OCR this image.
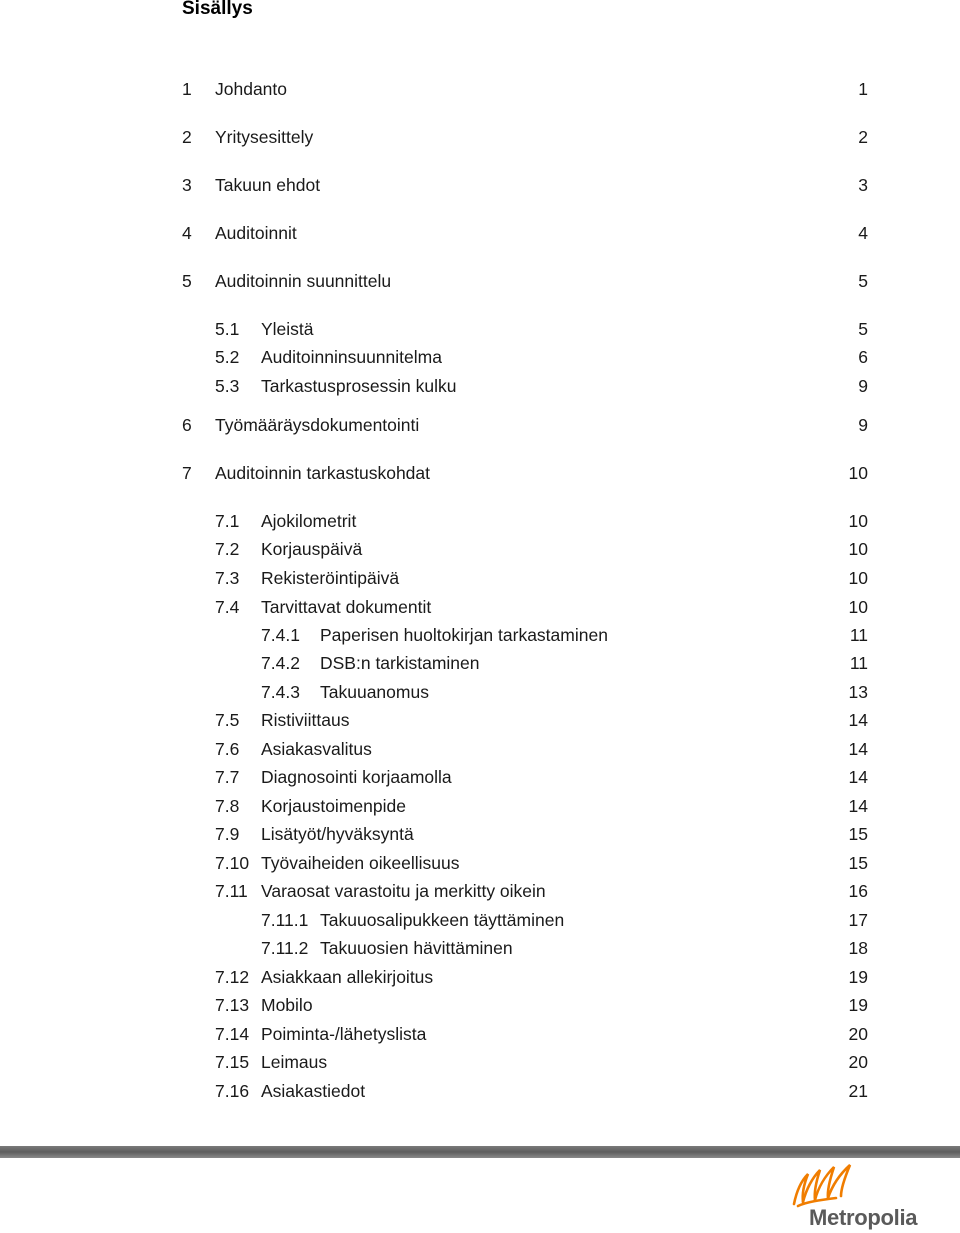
Sisällys
1 Johdanto	1
2 Yritysesittely	2
3 Takuun ehdot	3
4 Auditoinnit	4
5 Auditoinnin suunnittelu	5
5.1 Yleistä	5
5.2 Auditoinninsuunnitelma	6
5.3 Tarkastusprosessin kulku	9
6 Työmääräysdokumentointi	9
7 Auditoinnin tarkastuskohdat	10
7.1 Ajokilometrit	10
7.2 Korjauspäivä	10
7.3 Rekisteröintipäivä	10
7.4 Tarvittavat dokumentit	10
7.4.1 Paperisen huoltokirjan tarkastaminen	11
7.4.2 DSB:n tarkistaminen	11
7.4.3 Takuuanomus	13
7.5 Ristiviittaus	14
7.6 Asiakasvalitus	14
7.7 Diagnosointi korjaamolla	14
7.8 Korjaustoimenpide	14
7.9 Lisätyöt/hyväksyntä	15
7.10 Työvaiheiden oikeellisuus	15
7.11 Varaosat varastoitu ja merkitty oikein	16
7.11.1 Takuuosalipukkeen täyttäminen	17
7.11.2 Takuuosien hävittäminen	18
7.12 Asiakkaan allekirjoitus	19
7.13 Mobilo	19
7.14 Poiminta-/lähetyslista	20
7.15 Leimaus	20
7.16 Asiakastiedot	21
Metropolia
